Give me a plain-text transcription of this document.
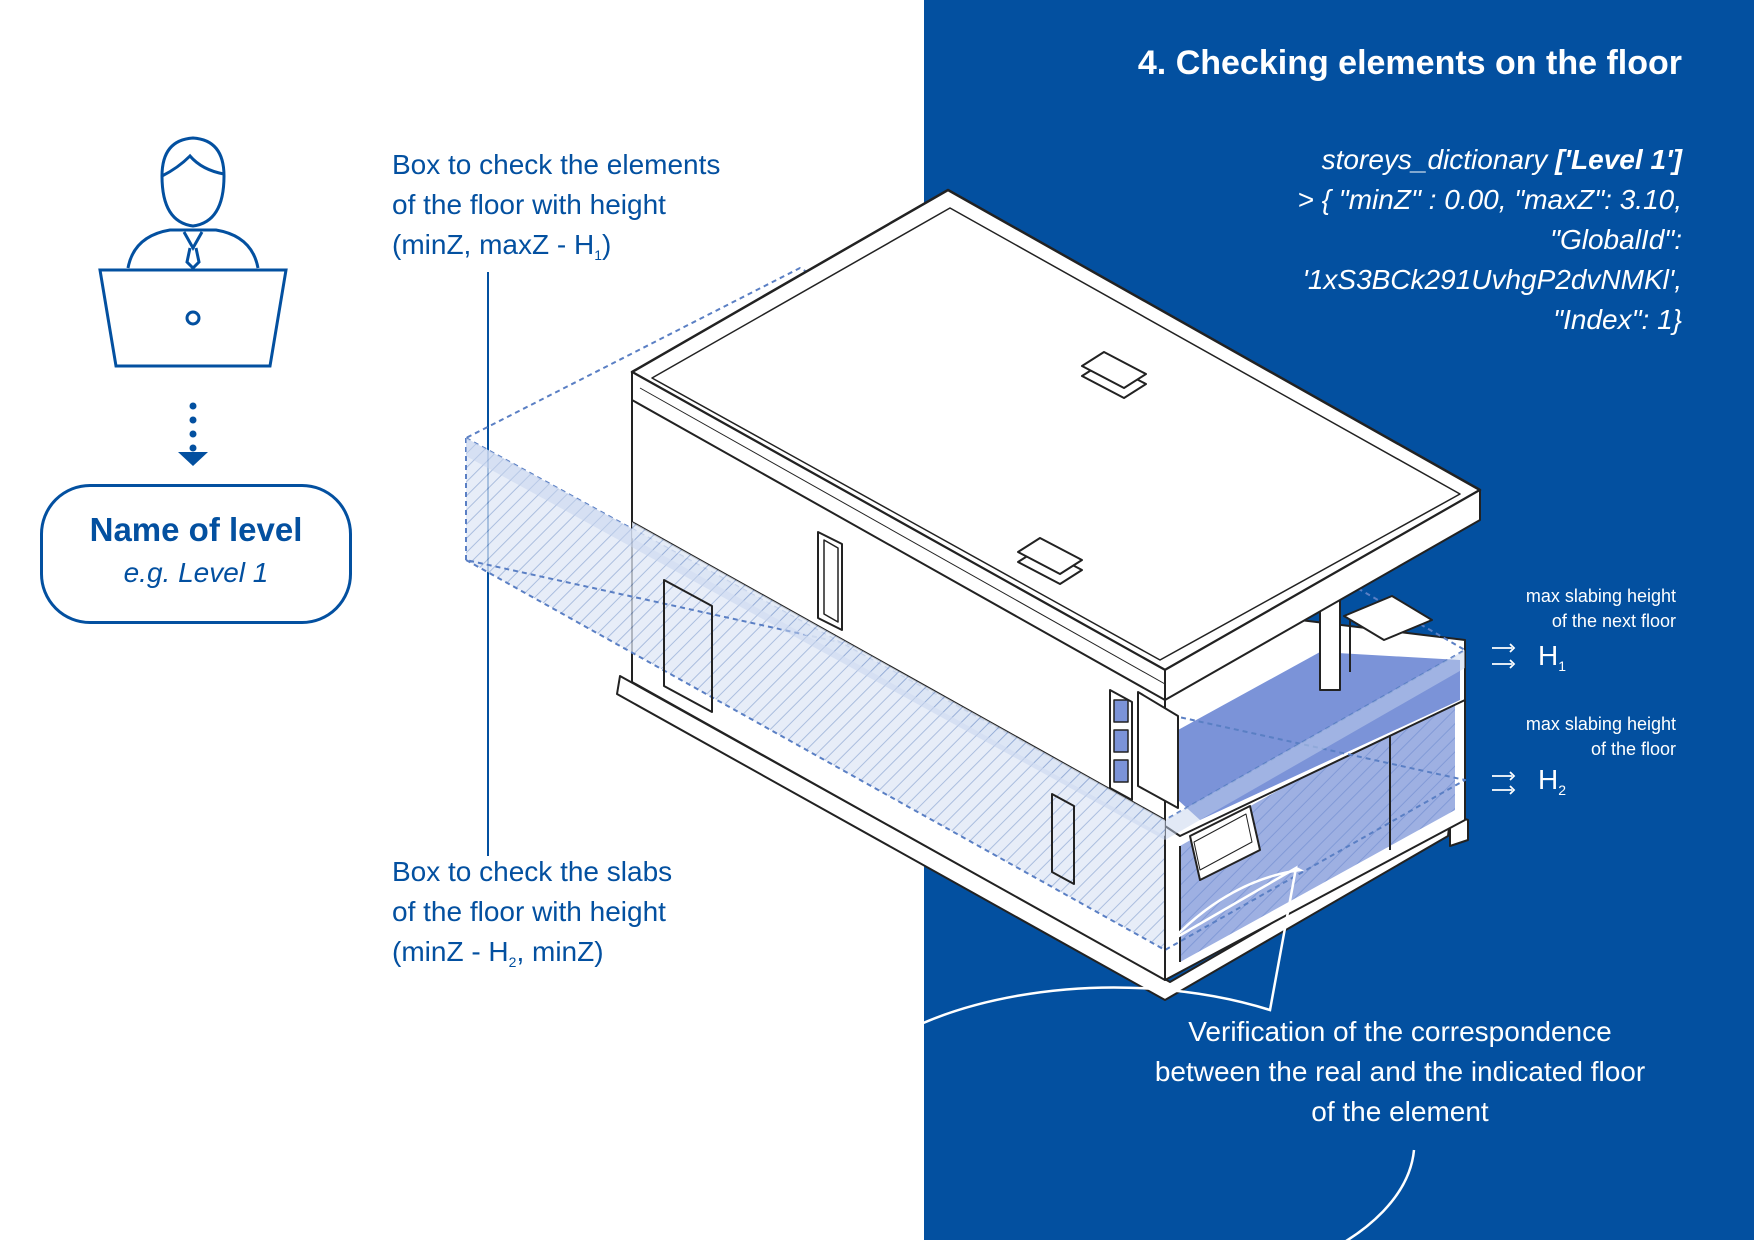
4. Checking elements on the floor
storeys_dictionary ['Level 1']
> { "minZ" : 0.00, "maxZ": 3.10,
"GlobalId":
'1xS3BCk291UvhgP2dvNMKl',
"Index": 1}
Box to check the elements
of the floor with height
(minZ, maxZ - $H_1$)
Box to check the slabs
of the floor with height
($\min Z - H_2$, minZ)
Name of level
e.g. Level 1
max slabing height
of the next floor
$H_1$
max slabing height
of the floor
$H_2$
Verification of the correspondence
between the real and the indicated floor
of the element
